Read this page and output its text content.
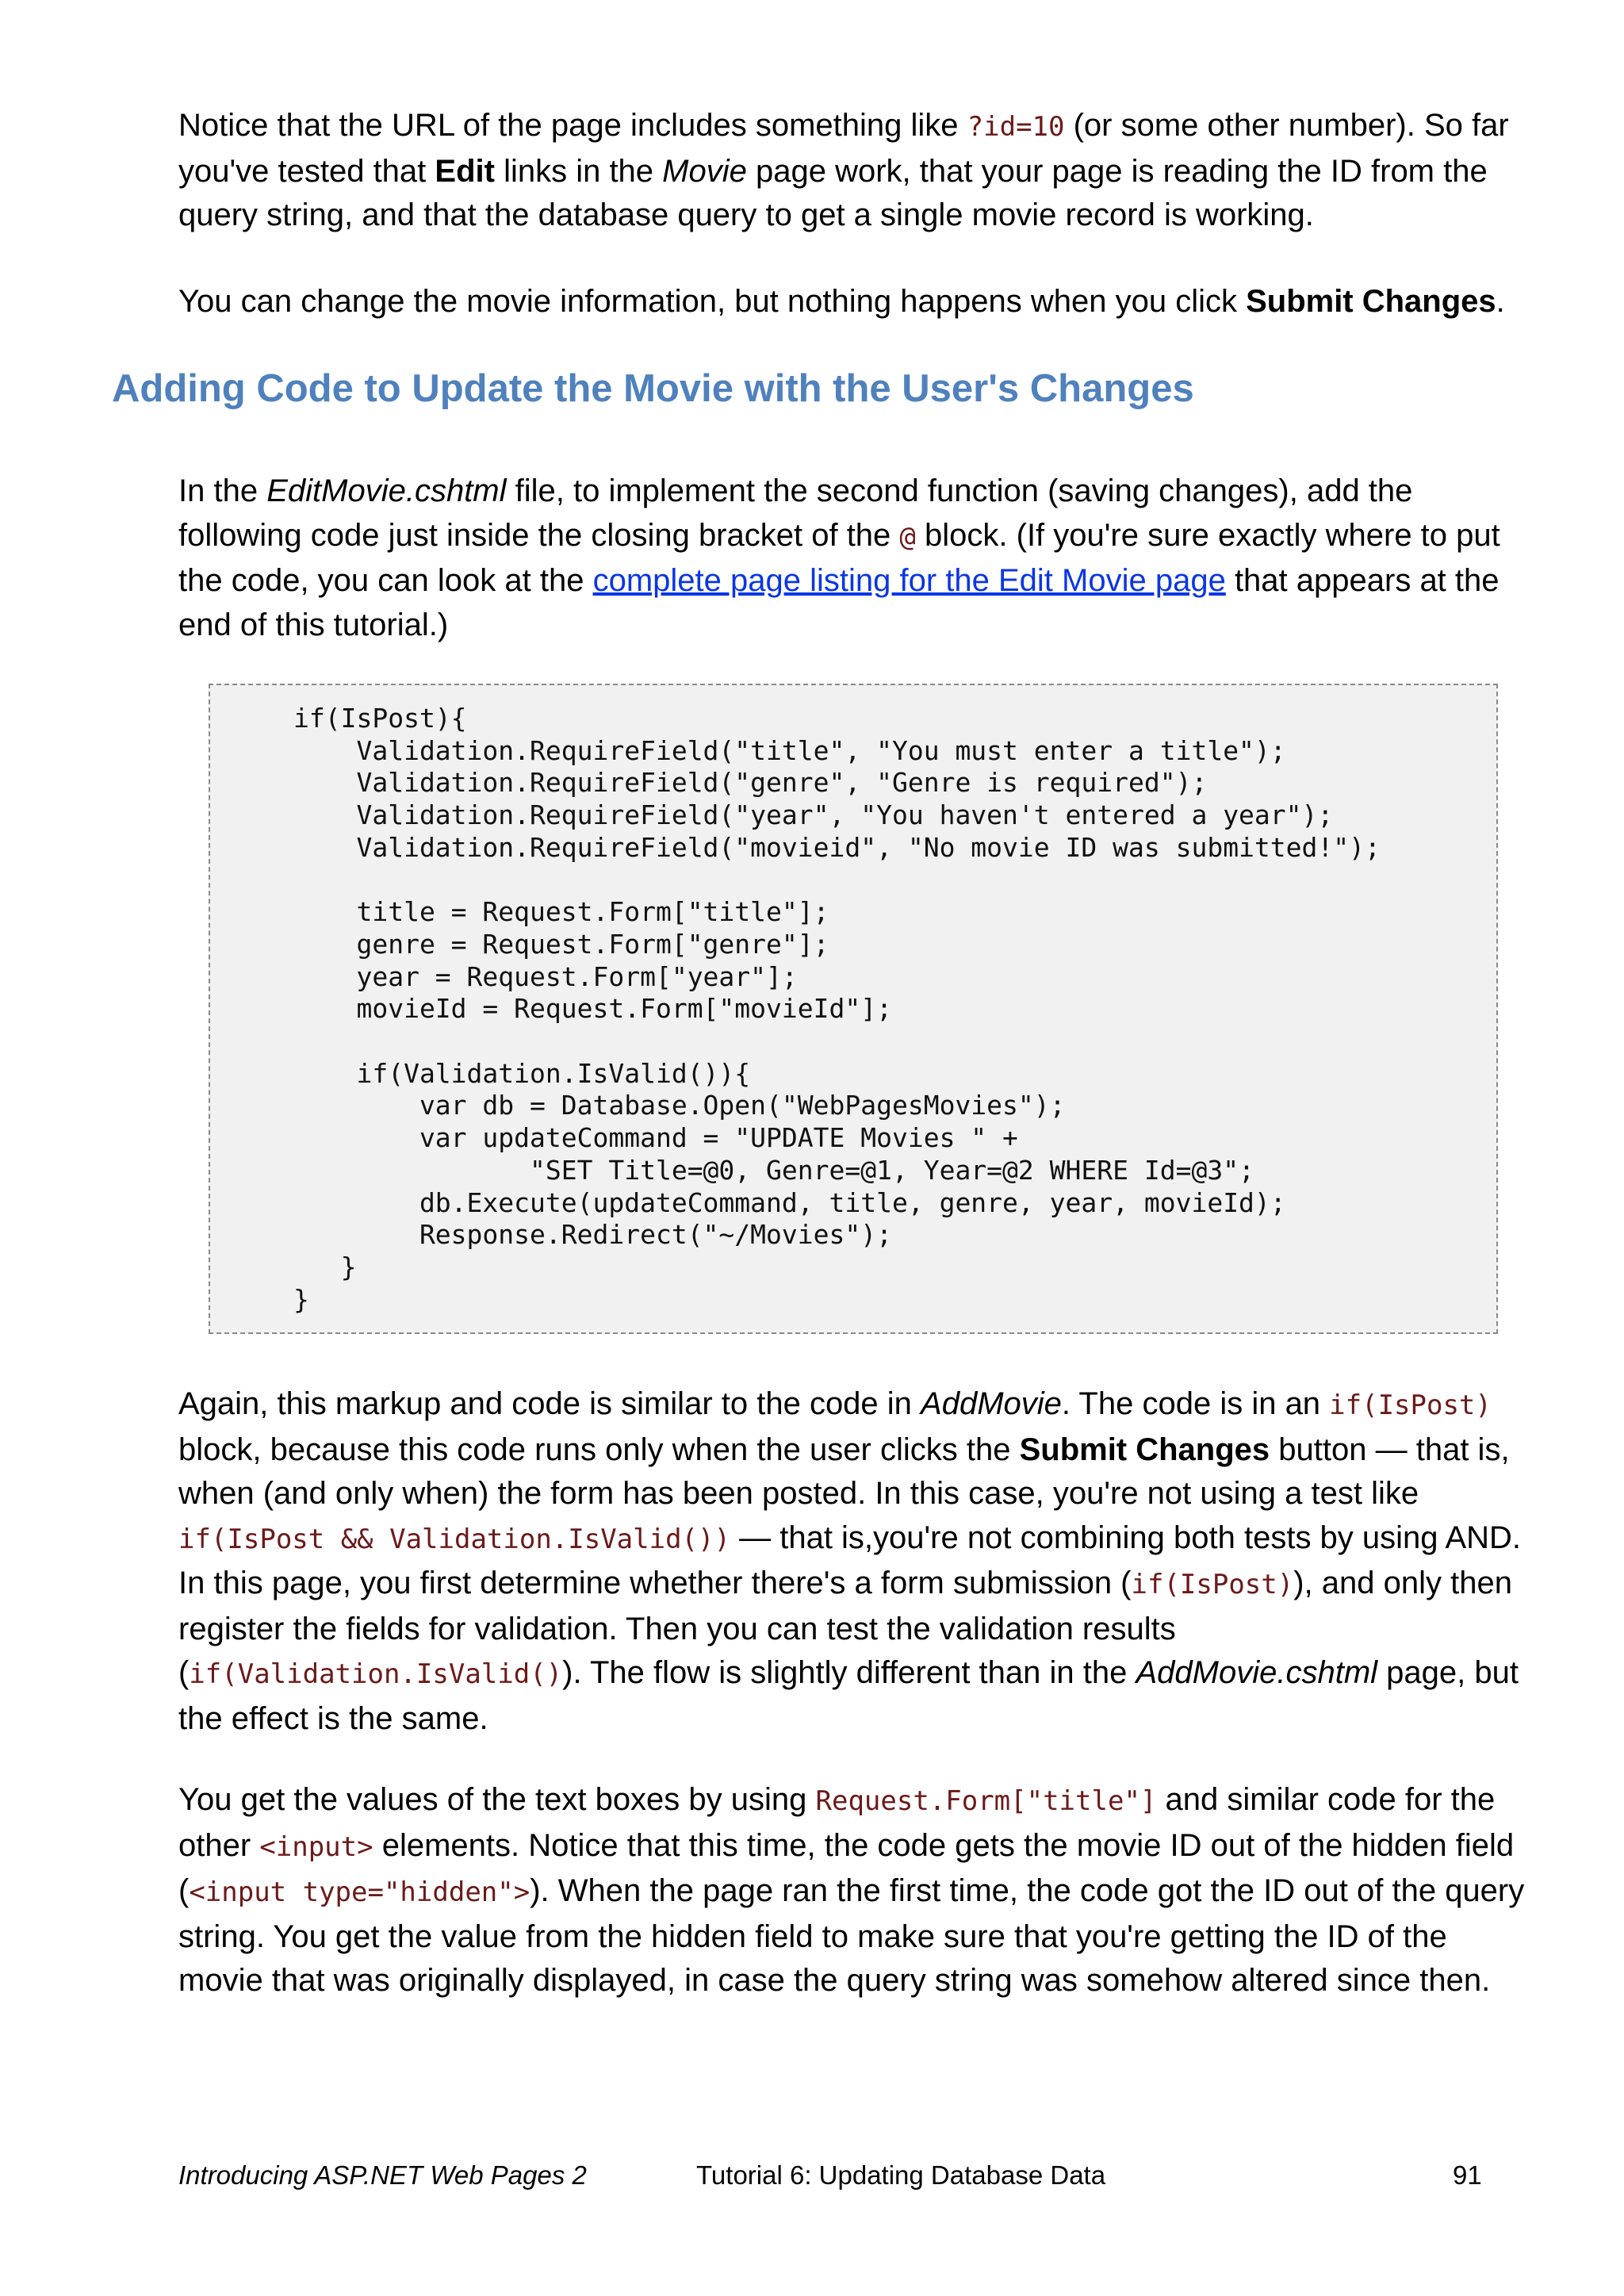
Notice that the URL of the page includes something like ?id=10 (or some other number). So far you've tested that Edit links in the Movie page work, that your page is reading the ID from the query string, and that the database query to get a single movie record is working.

You can change the movie information, but nothing happens when you click Submit Changes.

Adding Code to Update the Movie with the User's Changes

In the EditMovie.cshtml file, to implement the second function (saving changes), add the following code just inside the closing bracket of the @ block. (If you're sure exactly where to put the code, you can look at the complete page listing for the Edit Movie page that appears at the end of this tutorial.)

if(IsPost){
Validation.RequireField("title", "You must enter a title");
Validation.RequireField("genre", "Genre is required");
Validation.RequireField("year", "You haven't entered a year");
Validation.RequireField("movieid", "No movie ID was submitted!");

title = Request.Form["title"];
genre = Request.Form["genre"];
year = Request.Form["year"];
movieId = Request.Form["movieId"];

if(Validation.IsValid()){
var db = Database.Open("WebPagesMovies");
var updateCommand = "UPDATE Movies " +
"SET Title=@0, Genre=@1, Year=@2 WHERE Id=@3";
db.Execute(updateCommand, title, genre, year, movieId);
Response.Redirect("~/Movies");
}
}

Again, this markup and code is similar to the code in AddMovie. The code is in an if(IsPost) block, because this code runs only when the user clicks the Submit Changes button — that is, when (and only when) the form has been posted. In this case, you're not using a test like if(IsPost && Validation.IsValid()) — that is,you're not combining both tests by using AND. In this page, you first determine whether there's a form submission (if(IsPost)), and only then register the fields for validation. Then you can test the validation results (if(Validation.IsValid()). The flow is slightly different than in the AddMovie.cshtml page, but the effect is the same.

You get the values of the text boxes by using Request.Form["title"] and similar code for the other <input> elements. Notice that this time, the code gets the movie ID out of the hidden field (<input type="hidden">). When the page ran the first time, the code got the ID out of the query string. You get the value from the hidden field to make sure that you're getting the ID of the movie that was originally displayed, in case the query string was somehow altered since then.

Introducing ASP.NET Web Pages 2	Tutorial 6: Updating Database Data	91
